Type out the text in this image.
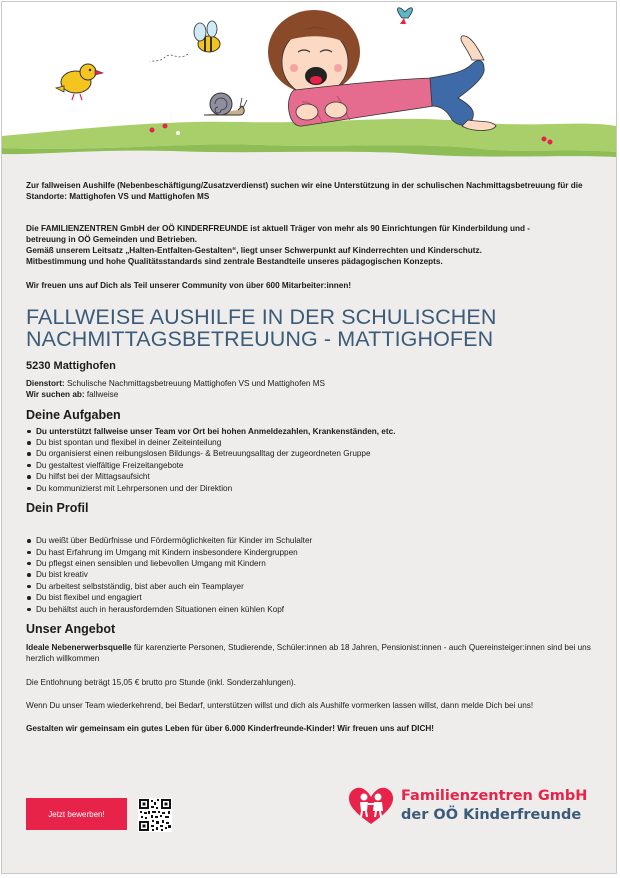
Zur fallweisen Aushilfe (Nebenbeschäftigung/Zusatzverdienst) suchen wir eine Unterstützung in der schulischen Nachmittagsbetreuung für die Standorte: Mattighofen VS und Mattighofen MS

Die FAMILIENZENTREN GmbH der OÖ KINDERFREUNDE ist aktuell Träger von mehr als 90 Einrichtungen für Kinderbildung und -

betreuung in OÖ Gemeinden und Betrieben.

Gemäß unserem Leitsatz „Halten-Entfalten-Gestalten“, liegt unser Schwerpunkt auf Kinderrechten und Kinderschutz.

Mitbestimmung und hohe Qualitätsstandards sind zentrale Bestandteile unseres pädagogischen Konzepts.

Wir freuen uns auf Dich als Teil unserer Community von über 600 Mitarbeiter:innen!

FALLWEISE AUSHILFE IN DER SCHULISCHEN
NACHMITTAGSBETREUUNG - MATTIGHOFEN
5230 Mattighofen

Dienstort: Schulische Nachmittagsbetreuung Mattighofen VS und Mattighofen MS

Wir suchen ab: fallweise

Deine Aufgaben
Du unterstützt fallweise unser Team vor Ort bei hohen Anmeldezahlen, Krankenständen, etc.
Du bist spontan und flexibel in deiner Zeiteinteilung
Du organisierst einen reibungslosen Bildungs- & Betreuungsalltag der zugeordneten Gruppe
Du gestaltest vielfältige Freizeitangebote
Du hilfst bei der Mittagsaufsicht
Du kommunizierst mit Lehrpersonen und der Direktion
Dein Profil
Du weißt über Bedürfnisse und Fördermöglichkeiten für Kinder im Schulalter
Du hast Erfahrung im Umgang mit Kindern insbesondere Kindergruppen
Du pflegst einen sensiblen und liebevollen Umgang mit Kindern
Du bist kreativ
Du arbeitest selbstständig, bist aber auch ein Teamplayer
Du bist flexibel und engagiert
Du behältst auch in herausfordernden Situationen einen kühlen Kopf
Unser Angebot

Ideale Nebenerwerbsquelle für karenzierte Personen, Studierende, Schüler:innen ab 18 Jahren, Pensionist:innen - auch Quereinsteiger:innen sind bei uns herzlich willkommen

Die Entlohnung beträgt 15,05 € brutto pro Stunde (inkl. Sonderzahlungen).

Wenn Du unser Team wiederkehrend, bei Bedarf, unterstützen willst und dich als Aushilfe vormerken lassen willst, dann melde Dich bei uns!

Gestalten wir gemeinsam ein gutes Leben für über 6.000 Kinderfreunde-Kinder! Wir freuen uns auf DICH!

Jetzt bewerben!
Familienzentren GmbH
der OÖ Kinderfreunde
